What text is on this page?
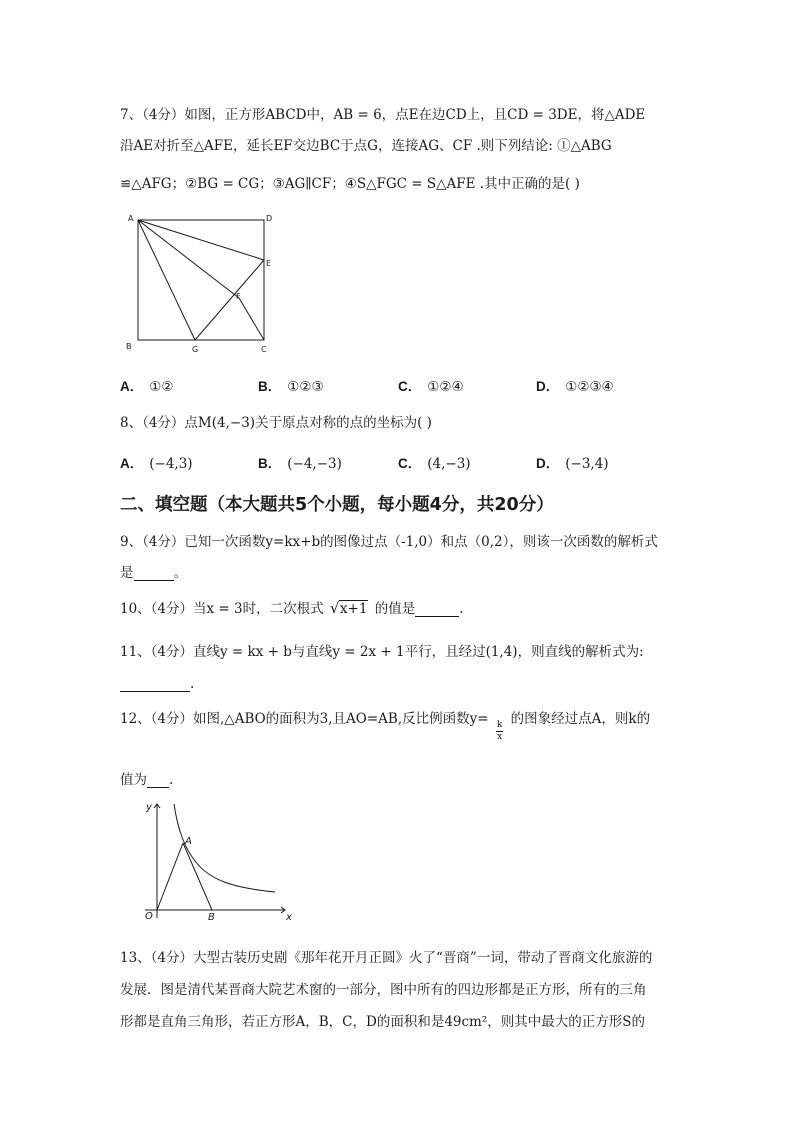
7、（4分）如图，正方形ABCD中，AB = 6，点E在边CD上，且CD = 3DE，将△ADE
沿AE对折至△AFE，延长EF交边BC于点G，连接AG、CF .则下列结论: ①△ABG
≌△AFG；②BG = CG；③AG∥CF；④S△FGC = S△AFE .其中正确的是( )
A	D
E
F
B	G	C
A． ①②	B． ①②③	C． ①②④	D． ①②③④
8、（4分）点M(4,−3)关于原点对称的点的坐标为( )
A． (−4,3)	B． (−4,−3)	C． (4,−3)	D． (−3,4)
二、填空题（本大题共5个小题，每小题4分，共20分）
9、（4分）已知一次函数y=kx+b的图像过点（-1,0）和点（0,2），则该一次函数的解析式
是	。
10、（4分）当x = 3时，二次根式 √ x+1 的值是	.
11、（4分）直线y = kx + b与直线y = 2x + 1平行，且经过(1,4)，则直线的解析式为:
.
12、（4分）如图,△ABO的面积为3,且AO=AB,反比例函数y=
$\frac{k}{x}$
的图象经过点A，则k的
值为 .
y
x
O
A
B
13、（4分）大型古装历史剧《那年花开月正圆》火了“晋商”一词，带动了晋商文化旅游的
发展．图是清代某晋商大院艺术窗的一部分，图中所有的四边形都是正方形，所有的三角
形都是直角三角形，若正方形A，B，C，D的面积和是49cm²，则其中最大的正方形S的
